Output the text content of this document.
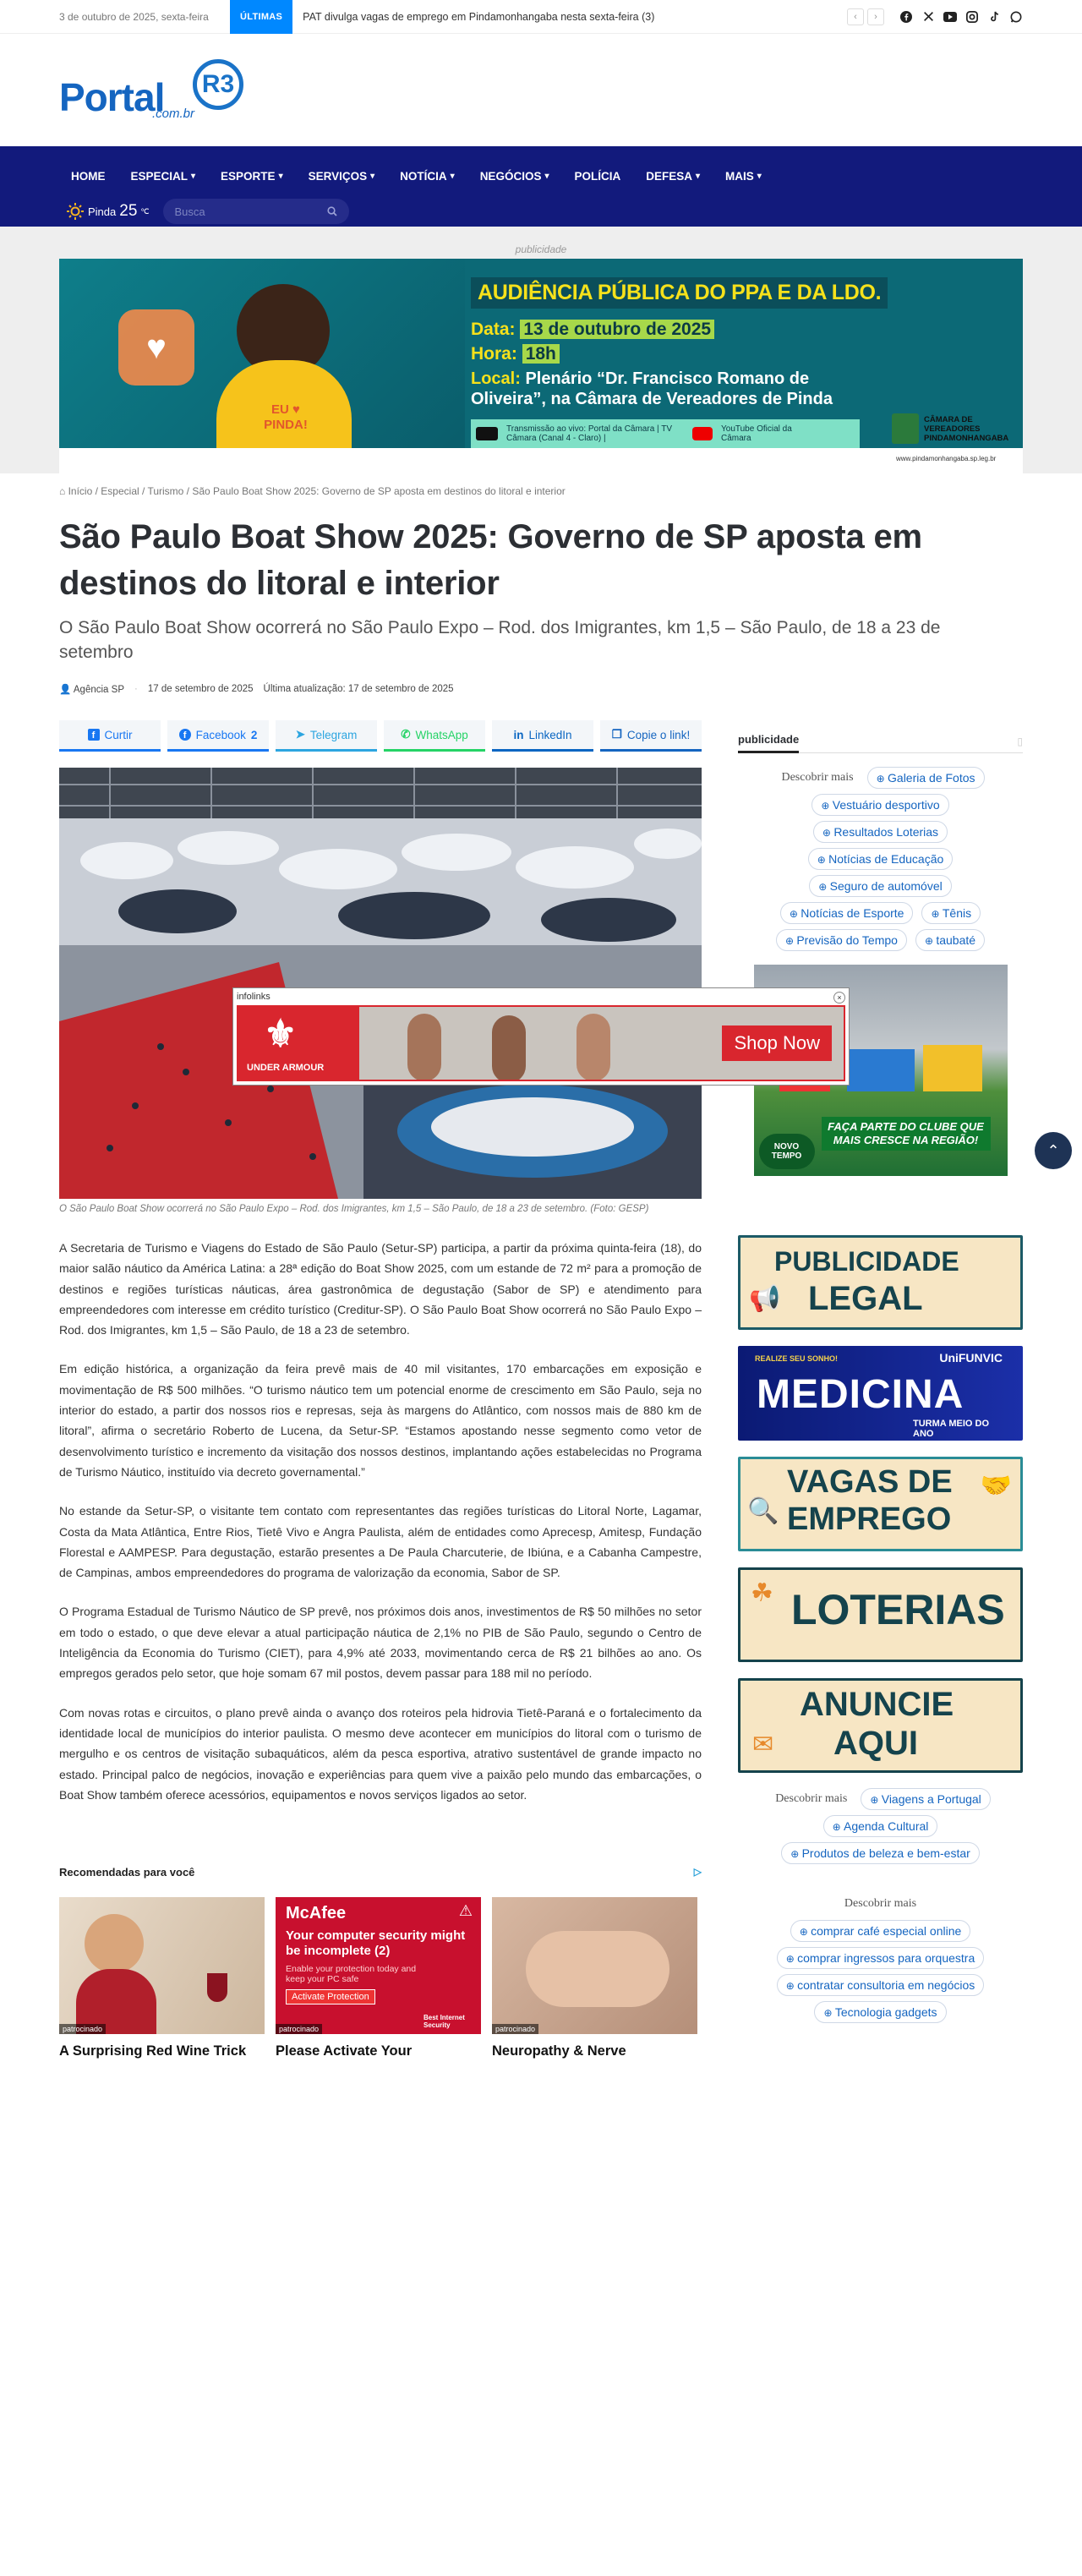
3 de outubro de 2025, sexta-feira	ÚLTIMAS	PAT divulga vagas de emprego em Pindamonhangaba nesta sexta-feira (3)	‹	›
Portal	R3
.com.br
HOME ESPECIAL ▾ ESPORTE ▾ SERVIÇOS ▾ NOTÍCIA ▾ NEGÓCIOS ▾ POLÍCIA DEFESA ▾ MAIS ▾
Pinda 25 ℃ Busca
publicidade
♥
EU ♥ PINDA!
AUDIÊNCIA PÚBLICA DO PPA E DA LDO.
Data: 13 de outubro de 2025
Hora: 18h
Local: Plenário “Dr. Francisco Romano de Oliveira”, na Câmara de Vereadores de Pinda
Transmissão ao vivo: Portal da Câmara | TV Câmara (Canal 4 - Claro) |
YouTube Oficial da Câmara
CÂMARA DE VEREADORES PINDAMONHANGABA
www.pindamonhangaba.sp.leg.br
⌂ Início / Especial / Turismo / São Paulo Boat Show 2025: Governo de SP aposta em destinos do litoral e interior
São Paulo Boat Show 2025: Governo de SP aposta em destinos do litoral e interior
O São Paulo Boat Show ocorrerá no São Paulo Expo – Rod. dos Imigrantes, km 1,5 – São Paulo, de 18 a 23 de setembro
👤 Agência SP · 17 de setembro de 2025 Última atualização: 17 de setembro de 2025
f Curtir	f Facebook 2	➤ Telegram	✆ WhatsApp	in LinkedIn	❐ Copie o link!
O São Paulo Boat Show ocorrerá no São Paulo Expo – Rod. dos Imigrantes, km 1,5 – São Paulo, de 18 a 23 de setembro. (Foto: GESP)

A Secretaria de Turismo e Viagens do Estado de São Paulo (Setur-SP) participa, a partir da próxima quinta-feira (18), do maior salão náutico da América Latina: a 28ª edição do Boat Show 2025, com um estande de 72 m² para a promoção de destinos e regiões turísticas náuticas, área gastronômica de degustação (Sabor de SP) e atendimento para empreendedores com interesse em crédito turístico (Creditur-SP). O São Paulo Boat Show ocorrerá no São Paulo Expo – Rod. dos Imigrantes, km 1,5 – São Paulo, de 18 a 23 de setembro.

Em edição histórica, a organização da feira prevê mais de 40 mil visitantes, 170 embarcações em exposição e movimentação de R$ 500 milhões. “O turismo náutico tem um potencial enorme de crescimento em São Paulo, seja no interior do estado, a partir dos nossos rios e represas, seja às margens do Atlântico, com nossos mais de 880 km de litoral”, afirma o secretário Roberto de Lucena, da Setur-SP. “Estamos apostando nesse segmento como vetor de desenvolvimento turístico e incremento da visitação dos nossos destinos, implantando ações estabelecidas no Programa de Turismo Náutico, instituído via decreto governamental.”

No estande da Setur-SP, o visitante tem contato com representantes das regiões turísticas do Litoral Norte, Lagamar, Costa da Mata Atlântica, Entre Rios, Tietê Vivo e Angra Paulista, além de entidades como Aprecesp, Amitesp, Fundação Florestal e AAMPESP. Para degustação, estarão presentes a De Paula Charcuterie, de Ibiúna, e a Cabanha Campestre, de Campinas, ambos empreendedores do programa de valorização da economia, Sabor de SP.

O Programa Estadual de Turismo Náutico de SP prevê, nos próximos dois anos, investimentos de R$ 50 milhões no setor em todo o estado, o que deve elevar a atual participação náutica de 2,1% no PIB de São Paulo, segundo o Centro de Inteligência da Economia do Turismo (CIET), para 4,9% até 2033, movimentando cerca de R$ 21 bilhões ao ano. Os empregos gerados pelo setor, que hoje somam 67 mil postos, devem passar para 188 mil no período.

Com novas rotas e circuitos, o plano prevê ainda o avanço dos roteiros pela hidrovia Tietê-Paraná e o fortalecimento da identidade local de municípios do interior paulista. O mesmo deve acontecer em municípios do litoral com o turismo de mergulho e os centros de visitação subaquáticos, além da pesca esportiva, atrativo sustentável de grande impacto no estado. Principal palco de negócios, inovação e experiências para quem vive a paixão pelo mundo das embarcações, o Boat Show também oferece acessórios, equipamentos e novos serviços ligados ao setor.

Recomendadas para você	▷
patrocinado
A Surprising Red Wine Trick
McAfee	⚠
Your computer security might be incomplete (2)
Enable your protection today and keep your PC safe
Activate Protection
Best Internet Security
patrocinado
Please Activate Your
patrocinado
Neuropathy & Nerve
publicidade	▯
Descobrir mais	⊕ Galeria de Fotos
⊕ Vestuário desportivo
⊕ Resultados Loterias
⊕ Notícias de Educação
⊕ Seguro de automóvel
⊕ Notícias de Esporte	⊕ Tênis
⊕ Previsão do Tempo	⊕ taubaté
FAÇA PARTE DO CLUBE QUE MAIS CRESCE NA REGIÃO!
NOVO TEMPO
📢
PUBLICIDADE
LEGAL
REALIZE SEU SONHO!	UniFUNVIC
MEDICINA
TURMA MEIO DO ANO
🔍
VAGAS DE
EMPREGO
🤝
☘ LOTERIAS
✉
ANUNCIE
AQUI
Descobrir mais	⊕ Viagens a Portugal
⊕ Agenda Cultural
⊕ Produtos de beleza e bem-estar
Descobrir mais
⊕ comprar café especial online
⊕ comprar ingressos para orquestra
⊕ contratar consultoria em negócios
⊕ Tecnologia gadgets
infolinks	×
⚜
UNDER ARMOUR
Shop Now
⌃
